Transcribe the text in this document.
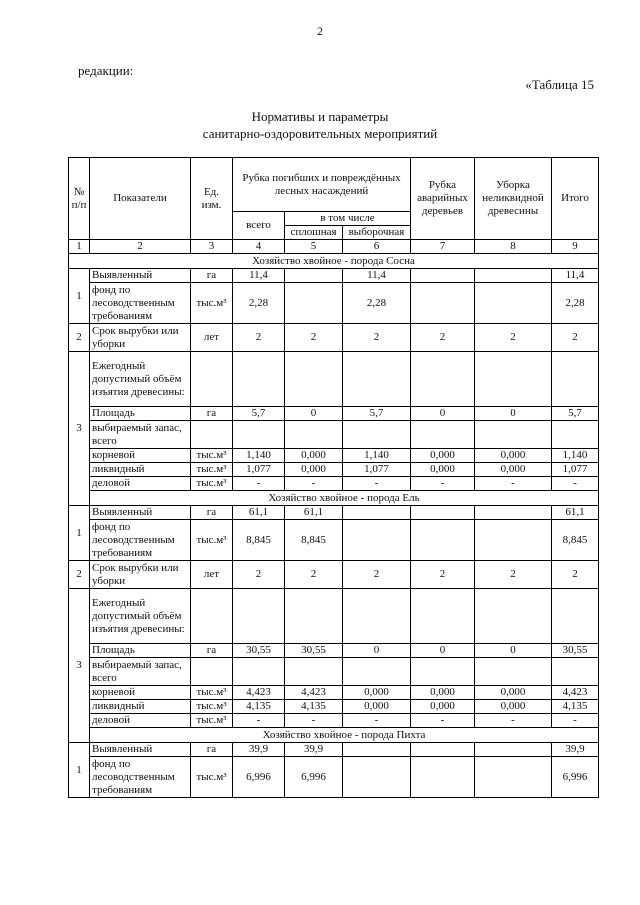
2
редакции:
«Таблица 15
Нормативы и параметры
санитарно-оздоровительных мероприятий
№ п/п	Показатели	Ед. изм.	Рубка погибших и повреждённых лесных насаждений			Рубка аварийных деревьев	Уборка неликвидной древесины	Итого
			всего	в том числе				
				сплошная	выборочная			
1	2	3	4	5	6	7	8	9
Хозяйство хвойное - порода Сосна								
1	Выявленный	га	11,4		11,4			11,4
	фонд по лесоводственным требованиям	тыс.м³	2,28		2,28			2,28
2	Срок вырубки или уборки	лет	2	2	2	2	2	2
3	Ежегодный допустимый объём изъятия древесины:							
	Площадь	га	5,7	0	5,7	0	0	5,7
	выбираемый запас, всего							
	корневой	тыс.м³	1,140	0,000	1,140	0,000	0,000	1,140
	ликвидный	тыс.м³	1,077	0,000	1,077	0,000	0,000	1,077
	деловой	тыс.м³	-	-	-	-	-	-
	Хозяйство хвойное - порода Ель							
1	Выявленный	га	61,1	61,1				61,1
	фонд по лесоводственным требованиям	тыс.м³	8,845	8,845				8,845
2	Срок вырубки или уборки	лет	2	2	2	2	2	2
3	Ежегодный допустимый объём изъятия древесины:							
	Площадь	га	30,55	30,55	0	0	0	30,55
	выбираемый запас, всего							
	корневой	тыс.м³	4,423	4,423	0,000	0,000	0,000	4,423
	ликвидный	тыс.м³	4,135	4,135	0,000	0,000	0,000	4,135
	деловой	тыс.м³	-	-	-	-	-	-
	Хозяйство хвойное - порода Пихта							
1	Выявленный	га	39,9	39,9				39,9
	фонд по лесоводственным требованиям	тыс.м³	6,996	6,996				6,996
